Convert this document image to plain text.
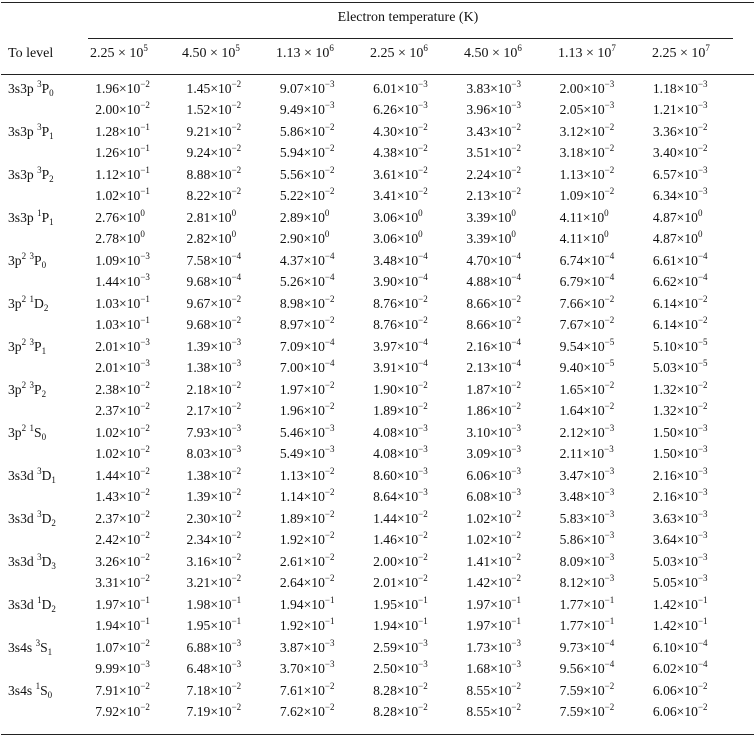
Electron temperature (K)
To level	$2.25 \times 10^5$ $4.50 \times 10^5$	$1.13 \times 10^6$	$2.25 \times 10^6$	$4.50 \times 10^6$	$1.13 \times 10^7$	$2.25 \times 10^7$
3s3p $^3P_0$	$1.96\times 10^{-2}$	$1.45\times 10^{-2}$	$9.07\times 10^{-3}$	$6.01\times 10^{-3}$	$3.83\times 10^{-3}$	$2.00\times 10^{-3}$	$1.18\times 10^{-3}$
	$2.00\times 10^{-2}$	$1.52\times 10^{-2}$	$9.49\times 10^{-3}$	$6.26\times 10^{-3}$	$3.96\times 10^{-3}$	$2.05\times 10^{-3}$	$1.21\times 10^{-3}$
3s3p $^3P_1$	$1.28\times 10^{-1}$	$9.21\times 10^{-2}$	$5.86\times 10^{-2}$	$4.30\times 10^{-2}$	$3.43\times 10^{-2}$	$3.12\times 10^{-2}$	$3.36\times 10^{-2}$
	$1.26\times 10^{-1}$	$9.24\times 10^{-2}$	$5.94\times 10^{-2}$	$4.38\times 10^{-2}$	$3.51\times 10^{-2}$	$3.18\times 10^{-2}$	$3.40\times 10^{-2}$
3s3p $^3P_2$	$1.12\times 10^{-1}$	$8.88\times 10^{-2}$	$5.56\times 10^{-2}$	$3.61\times 10^{-2}$	$2.24\times 10^{-2}$	$1.13\times 10^{-2}$	$6.57\times 10^{-3}$
	$1.02\times 10^{-1}$	$8.22\times 10^{-2}$	$5.22\times 10^{-2}$	$3.41\times 10^{-2}$	$2.13\times 10^{-2}$	$1.09\times 10^{-2}$	$6.34\times 10^{-3}$
3s3p $^1P_1$	$2.76\times 10^0$	$2.81\times 10^0$	$2.89\times 10^0$	$3.06\times 10^0$	$3.39\times 10^0$	$4.11\times 10^0$	$4.87\times 10^0$
	$2.78\times 10^0$	$2.82\times 10^0$	$2.90\times 10^0$	$3.06\times 10^0$	$3.39\times 10^0$	$4.11\times 10^0$	$4.87\times 10^0$
$3p^2$ $^3P_0$	$1.09\times 10^{-3}$	$7.58\times 10^{-4}$	$4.37\times 10^{-4}$	$3.48\times 10^{-4}$	$4.70\times 10^{-4}$	$6.74\times 10^{-4}$	$6.61\times 10^{-4}$
	$1.44\times 10^{-3}$	$9.68\times 10^{-4}$	$5.26\times 10^{-4}$	$3.90\times 10^{-4}$	$4.88\times 10^{-4}$	$6.79\times 10^{-4}$	$6.62\times 10^{-4}$
$3p^2$ $^1D_2$	$1.03\times 10^{-1}$	$9.67\times 10^{-2}$	$8.98\times 10^{-2}$	$8.76\times 10^{-2}$	$8.66\times 10^{-2}$	$7.66\times 10^{-2}$	$6.14\times 10^{-2}$
	$1.03\times 10^{-1}$	$9.68\times 10^{-2}$	$8.97\times 10^{-2}$	$8.76\times 10^{-2}$	$8.66\times 10^{-2}$	$7.67\times 10^{-2}$	$6.14\times 10^{-2}$
$3p^2$ $^3P_1$	$2.01\times 10^{-3}$	$1.39\times 10^{-3}$	$7.09\times 10^{-4}$	$3.97\times 10^{-4}$	$2.16\times 10^{-4}$	$9.54\times 10^{-5}$	$5.10\times 10^{-5}$
	$2.01\times 10^{-3}$	$1.38\times 10^{-3}$	$7.00\times 10^{-4}$	$3.91\times 10^{-4}$	$2.13\times 10^{-4}$	$9.40\times 10^{-5}$	$5.03\times 10^{-5}$
$3p^2$ $^3P_2$	$2.38\times 10^{-2}$	$2.18\times 10^{-2}$	$1.97\times 10^{-2}$	$1.90\times 10^{-2}$	$1.87\times 10^{-2}$	$1.65\times 10^{-2}$	$1.32\times 10^{-2}$
	$2.37\times 10^{-2}$	$2.17\times 10^{-2}$	$1.96\times 10^{-2}$	$1.89\times 10^{-2}$	$1.86\times 10^{-2}$	$1.64\times 10^{-2}$	$1.32\times 10^{-2}$
$3p^2$ $^1S_0$	$1.02\times 10^{-2}$	$7.93\times 10^{-3}$	$5.46\times 10^{-3}$	$4.08\times 10^{-3}$	$3.10\times 10^{-3}$	$2.12\times 10^{-3}$	$1.50\times 10^{-3}$
	$1.02\times 10^{-2}$	$8.03\times 10^{-3}$	$5.49\times 10^{-3}$	$4.08\times 10^{-3}$	$3.09\times 10^{-3}$	$2.11\times 10^{-3}$	$1.50\times 10^{-3}$
3s3d $^3D_1$	$1.44\times 10^{-2}$	$1.38\times 10^{-2}$	$1.13\times 10^{-2}$	$8.60\times 10^{-3}$	$6.06\times 10^{-3}$	$3.47\times 10^{-3}$	$2.16\times 10^{-3}$
	$1.43\times 10^{-2}$	$1.39\times 10^{-2}$	$1.14\times 10^{-2}$	$8.64\times 10^{-3}$	$6.08\times 10^{-3}$	$3.48\times 10^{-3}$	$2.16\times 10^{-3}$
3s3d $^3D_2$	$2.37\times 10^{-2}$	$2.30\times 10^{-2}$	$1.89\times 10^{-2}$	$1.44\times 10^{-2}$	$1.02\times 10^{-2}$	$5.83\times 10^{-3}$	$3.63\times 10^{-3}$
	$2.42\times 10^{-2}$	$2.34\times 10^{-2}$	$1.92\times 10^{-2}$	$1.46\times 10^{-2}$	$1.02\times 10^{-2}$	$5.86\times 10^{-3}$	$3.64\times 10^{-3}$
3s3d $^3D_3$	$3.26\times 10^{-2}$	$3.16\times 10^{-2}$	$2.61\times 10^{-2}$	$2.00\times 10^{-2}$	$1.41\times 10^{-2}$	$8.09\times 10^{-3}$	$5.03\times 10^{-3}$
	$3.31\times 10^{-2}$	$3.21\times 10^{-2}$	$2.64\times 10^{-2}$	$2.01\times 10^{-2}$	$1.42\times 10^{-2}$	$8.12\times 10^{-3}$	$5.05\times 10^{-3}$
3s3d $^1D_2$	$1.97\times 10^{-1}$	$1.98\times 10^{-1}$	$1.94\times 10^{-1}$	$1.95\times 10^{-1}$	$1.97\times 10^{-1}$	$1.77\times 10^{-1}$	$1.42\times 10^{-1}$
	$1.94\times 10^{-1}$	$1.95\times 10^{-1}$	$1.92\times 10^{-1}$	$1.94\times 10^{-1}$	$1.97\times 10^{-1}$	$1.77\times 10^{-1}$	$1.42\times 10^{-1}$
3s4s $^3S_1$	$1.07\times 10^{-2}$	$6.88\times 10^{-3}$	$3.87\times 10^{-3}$	$2.59\times 10^{-3}$	$1.73\times 10^{-3}$	$9.73\times 10^{-4}$	$6.10\times 10^{-4}$
	$9.99\times 10^{-3}$	$6.48\times 10^{-3}$	$3.70\times 10^{-3}$	$2.50\times 10^{-3}$	$1.68\times 10^{-3}$	$9.56\times 10^{-4}$	$6.02\times 10^{-4}$
3s4s $^1S_0$	$7.91\times 10^{-2}$	$7.18\times 10^{-2}$	$7.61\times 10^{-2}$	$8.28\times 10^{-2}$	$8.55\times 10^{-2}$	$7.59\times 10^{-2}$	$6.06\times 10^{-2}$
	$7.92\times 10^{-2}$	$7.19\times 10^{-2}$	$7.62\times 10^{-2}$	$8.28\times 10^{-2}$	$8.55\times 10^{-2}$	$7.59\times 10^{-2}$	$6.06\times 10^{-2}$
